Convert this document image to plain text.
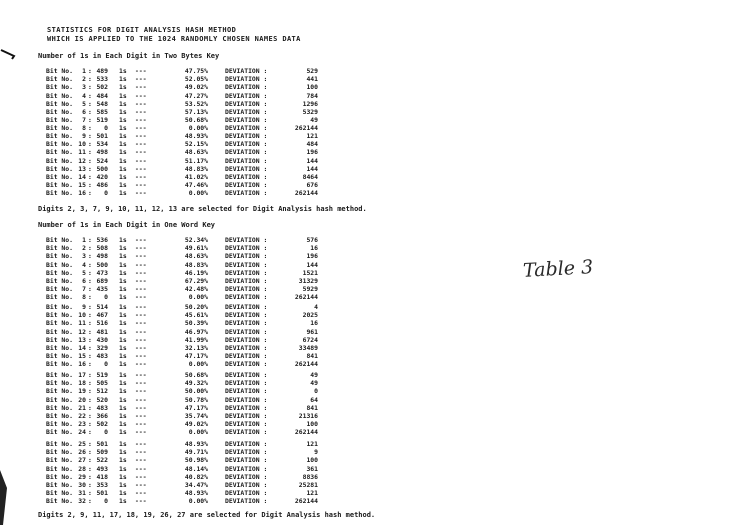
STATISTICS FOR DIGIT ANALYSIS HASH METHOD
WHICH IS APPLIED TO THE 1024 RANDOMLY CHOSEN NAMES DATA
Number of 1s in Each Digit in Two Bytes Key
Bit No.	1 : 489 1s ---	47.75%	DEVIATION :	529
Bit No.	2 : 533 1s ---	52.05%	DEVIATION :	441
Bit No.	3 : 502 1s ---	49.02%	DEVIATION :	100
Bit No.	4 : 484 1s ---	47.27%	DEVIATION :	784
Bit No.	5 : 548 1s ---	53.52%	DEVIATION :	1296
Bit No.	6 : 585 1s ---	57.13%	DEVIATION :	5329
Bit No.	7 : 519 1s ---	50.68%	DEVIATION :	49
Bit No.	8 :	0 1s ---	0.00%	DEVIATION :	262144
Bit No.	9 : 501 1s ---	48.93%	DEVIATION :	121
Bit No. 10 : 534 1s ---	52.15%	DEVIATION :	484
Bit No. 11 : 498 1s ---	48.63%	DEVIATION :	196
Bit No. 12 : 524 1s ---	51.17%	DEVIATION :	144
Bit No. 13 : 500 1s ---	48.83%	DEVIATION :	144
Bit No. 14 : 420 1s ---	41.02%	DEVIATION :	8464
Bit No. 15 : 486 1s ---	47.46%	DEVIATION :	676
Bit No. 16 :	0 1s ---	0.00%	DEVIATION :	262144
Digits 2, 3, 7, 9, 10, 11, 12, 13 are selected for Digit Analysis hash method.
Number of 1s in Each Digit in One Word Key
Bit No.	1 : 536 1s ---	52.34%	DEVIATION :	576
Bit No.	2 : 508 1s ---	49.61%	DEVIATION :	16
Bit No.	3 : 498 1s ---	48.63%	DEVIATION :	196
Bit No.	4 : 500 1s ---	48.83%	DEVIATION :	144
Bit No.	5 : 473 1s ---	46.19%	DEVIATION :	1521
Bit No.	6 : 689 1s ---	67.29%	DEVIATION :	31329
Bit No.	7 : 435 1s ---	42.48%	DEVIATION :	5929
Bit No.	8 :	0 1s ---	0.00%	DEVIATION :	262144
Bit No.	9 : 514 1s ---	50.20%	DEVIATION :	4
Bit No. 10 : 467 1s ---	45.61%	DEVIATION :	2025
Bit No. 11 : 516 1s ---	50.39%	DEVIATION :	16
Bit No. 12 : 481 1s ---	46.97%	DEVIATION :	961
Bit No. 13 : 430 1s ---	41.99%	DEVIATION :	6724
Bit No. 14 : 329 1s ---	32.13%	DEVIATION :	33489
Bit No. 15 : 483 1s ---	47.17%	DEVIATION :	841
Bit No. 16 :	0 1s ---	0.00%	DEVIATION :	262144
Bit No. 17 : 519 1s ---	50.68%	DEVIATION :	49
Bit No. 18 : 505 1s ---	49.32%	DEVIATION :	49
Bit No. 19 : 512 1s ---	50.00%	DEVIATION :	0
Bit No. 20 : 520 1s ---	50.78%	DEVIATION :	64
Bit No. 21 : 483 1s ---	47.17%	DEVIATION :	841
Bit No. 22 : 366 1s ---	35.74%	DEVIATION :	21316
Bit No. 23 : 502 1s ---	49.02%	DEVIATION :	100
Bit No. 24 :	0 1s ---	0.00%	DEVIATION :	262144
Bit No. 25 : 501 1s ---	48.93%	DEVIATION :	121
Bit No. 26 : 509 1s ---	49.71%	DEVIATION :	9
Bit No. 27 : 522 1s ---	50.98%	DEVIATION :	100
Bit No. 28 : 493 1s ---	48.14%	DEVIATION :	361
Bit No. 29 : 418 1s ---	40.82%	DEVIATION :	8836
Bit No. 30 : 353 1s ---	34.47%	DEVIATION :	25281
Bit No. 31 : 501 1s ---	48.93%	DEVIATION :	121
Bit No. 32 :	0 1s ---	0.00%	DEVIATION :	262144
Digits 2, 9, 11, 17, 18, 19, 26, 27 are selected for Digit Analysis hash method.
Table 3
